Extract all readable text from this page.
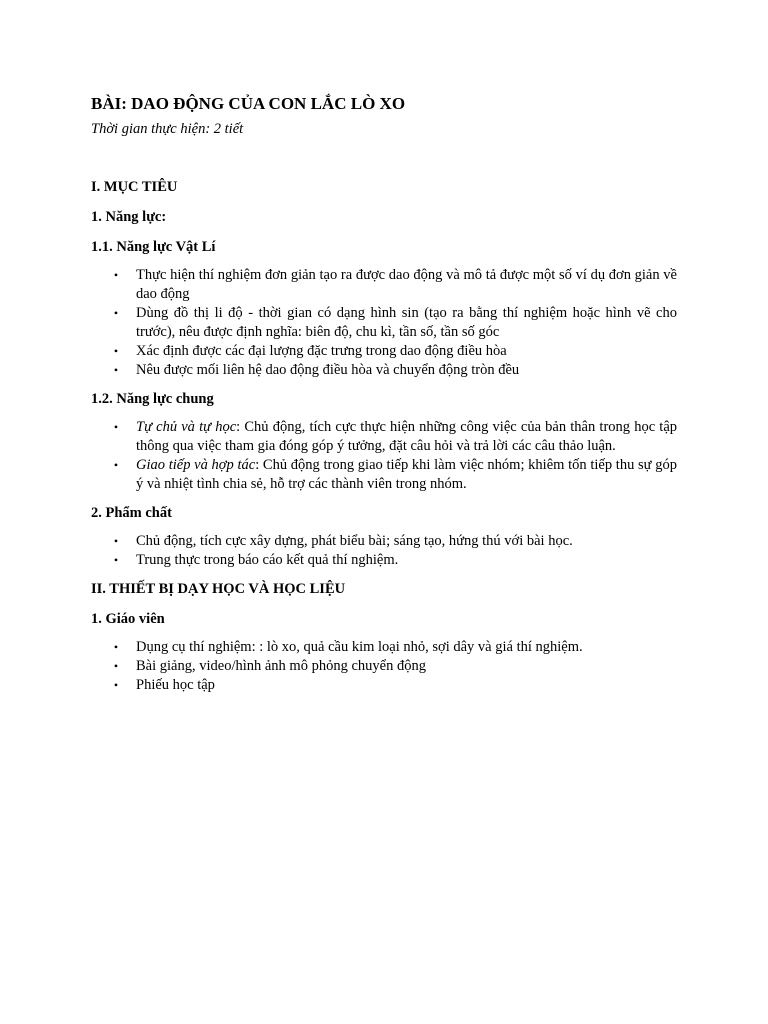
BÀI: DAO ĐỘNG CỦA CON LẮC LÒ XO

Thời gian thực hiện: 2 tiết

I. MỤC TIÊU
1. Năng lực:
1.1. Năng lực Vật Lí
• Thực hiện thí nghiệm đơn giản tạo ra được dao động và mô tả được một số ví dụ đơn giản về dao động
• Dùng đồ thị li độ - thời gian có dạng hình sin (tạo ra bằng thí nghiệm hoặc hình vẽ cho trước), nêu được định nghĩa: biên độ, chu kì, tần số, tần số góc
• Xác định được các đại lượng đặc trưng trong dao động điều hòa
• Nêu được mối liên hệ dao động điều hòa và chuyển động tròn đều
1.2. Năng lực chung
• Tự chủ và tự học: Chủ động, tích cực thực hiện những công việc của bản thân trong học tập thông qua việc tham gia đóng góp ý tưởng, đặt câu hỏi và trả lời các câu thảo luận.
• Giao tiếp và hợp tác: Chủ động trong giao tiếp khi làm việc nhóm; khiêm tốn tiếp thu sự góp ý và nhiệt tình chia sẻ, hỗ trợ các thành viên trong nhóm.
2. Phẩm chất
• Chủ động, tích cực xây dựng, phát biểu bài; sáng tạo, hứng thú với bài học.
• Trung thực trong báo cáo kết quả thí nghiệm.
II. THIẾT BỊ DẠY HỌC VÀ HỌC LIỆU
1. Giáo viên
• Dụng cụ thí nghiệm: : lò xo, quả cầu kim loại nhỏ, sợi dây và giá thí nghiệm.
• Bài giảng, video/hình ảnh mô phỏng chuyển động
• Phiếu học tập
